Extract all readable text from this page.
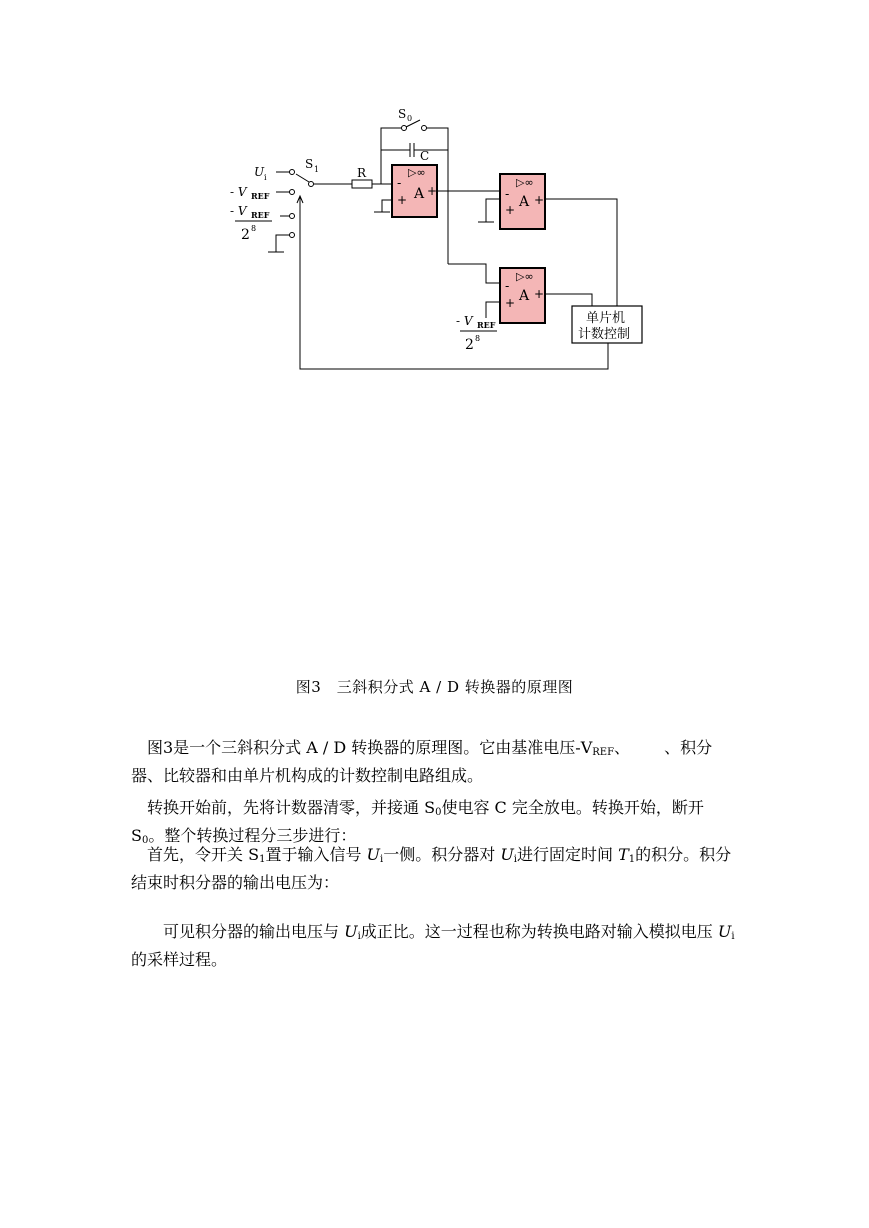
▷∞
-
+ A +
▷∞
-
+ A +
▷∞
-
+ A +
单片机
计数控制
S 0
S 1	R
C
U i
- V REF
- V REF
2 8
- V REF
2 8
图3　三斜积分式 A / D 转换器的原理图
图3是一个三斜积分式 A / D 转换器的原理图。它由基准电压$-V_{REF}$、 、积分器、比较器和由单片机构成的计数控制电路组成。
转换开始前，先将计数器清零，并接通 $S_0$使电容 C 完全放电。转换开始，断开 $S_0$。整个转换过程分三步进行：
首先，令开关 $S_1$置于输入信号 $U_i$一侧。积分器对 $U_i$进行固定时间 $T_1$的积分。积分结束时积分器的输出电压为：
可见积分器的输出电压与 $U_i$成正比。这一过程也称为转换电路对输入模拟电压 $U_i$的采样过程。
